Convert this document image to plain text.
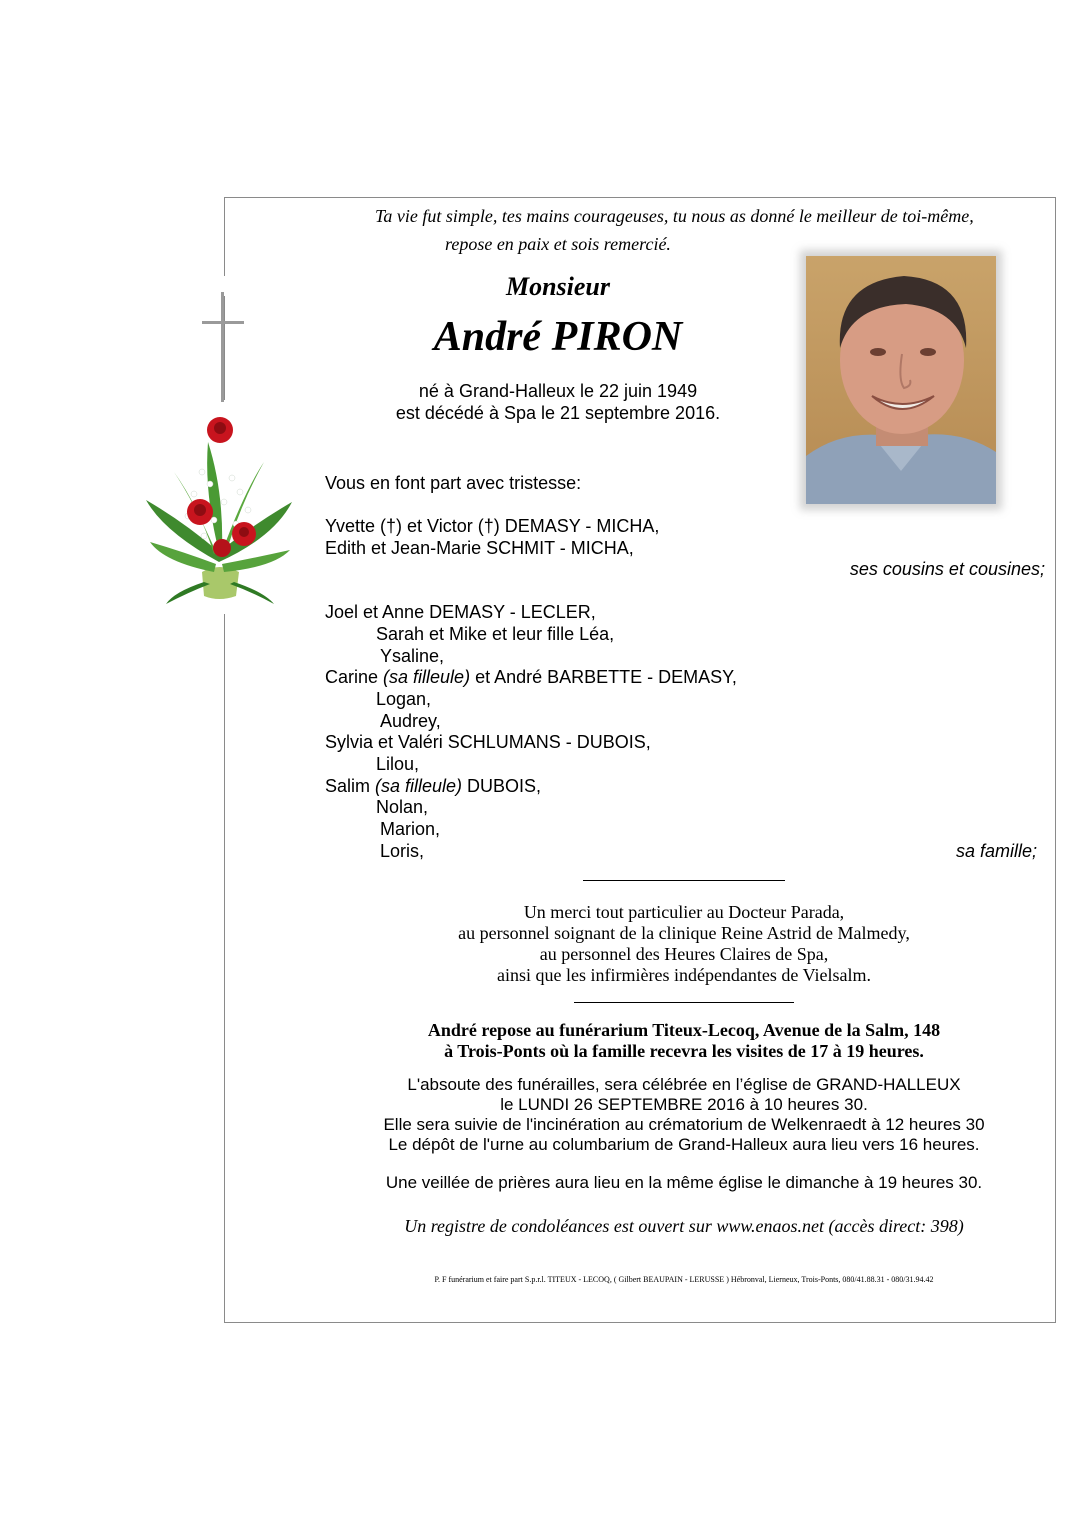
Ta vie fut simple, tes mains courageuses, tu nous as donné le meilleur de toi-même,
repose en paix et sois remercié.
Monsieur
André PIRON
né à Grand-Halleux le 22 juin 1949
est décédé à Spa le 21 septembre 2016.
Vous en font part avec tristesse:
Yvette (†) et Victor (†) DEMASY - MICHA,
Edith et Jean-Marie SCHMIT - MICHA,
ses cousins et cousines;
Joel et Anne DEMASY - LECLER,
Sarah et Mike et leur fille Léa,
Ysaline,
Carine (sa filleule) et André BARBETTE - DEMASY,
Logan,
Audrey,
Sylvia et Valéri SCHLUMANS - DUBOIS,
Lilou,
Salim (sa filleule) DUBOIS,
Nolan,
Marion,
Loris,	sa famille;
Un merci tout particulier au Docteur Parada,
au personnel soignant de la clinique Reine Astrid de Malmedy,
au personnel des Heures Claires de Spa,
ainsi que les infirmières indépendantes de Vielsalm.
André repose au funérarium Titeux-Lecoq, Avenue de la Salm, 148
à Trois-Ponts où la famille recevra les visites de 17 à 19 heures.
L'absoute des funérailles, sera célébrée en l’église de GRAND-HALLEUX
le LUNDI 26 SEPTEMBRE 2016 à 10 heures 30.
Elle sera suivie de l'incinération au crématorium de Welkenraedt à 12 heures 30
Le dépôt de l'urne au columbarium de Grand-Halleux aura lieu vers 16 heures.
Une veillée de prières aura lieu en la même église le dimanche à 19 heures 30.
Un registre de condoléances est ouvert sur www.enaos.net (accès direct: 398)
P. F funérarium et faire part S.p.r.l. TITEUX - LECOQ, ( Gilbert BEAUPAIN - LERUSSE ) Hébronval, Lierneux, Trois-Ponts, 080/41.88.31 - 080/31.94.42
